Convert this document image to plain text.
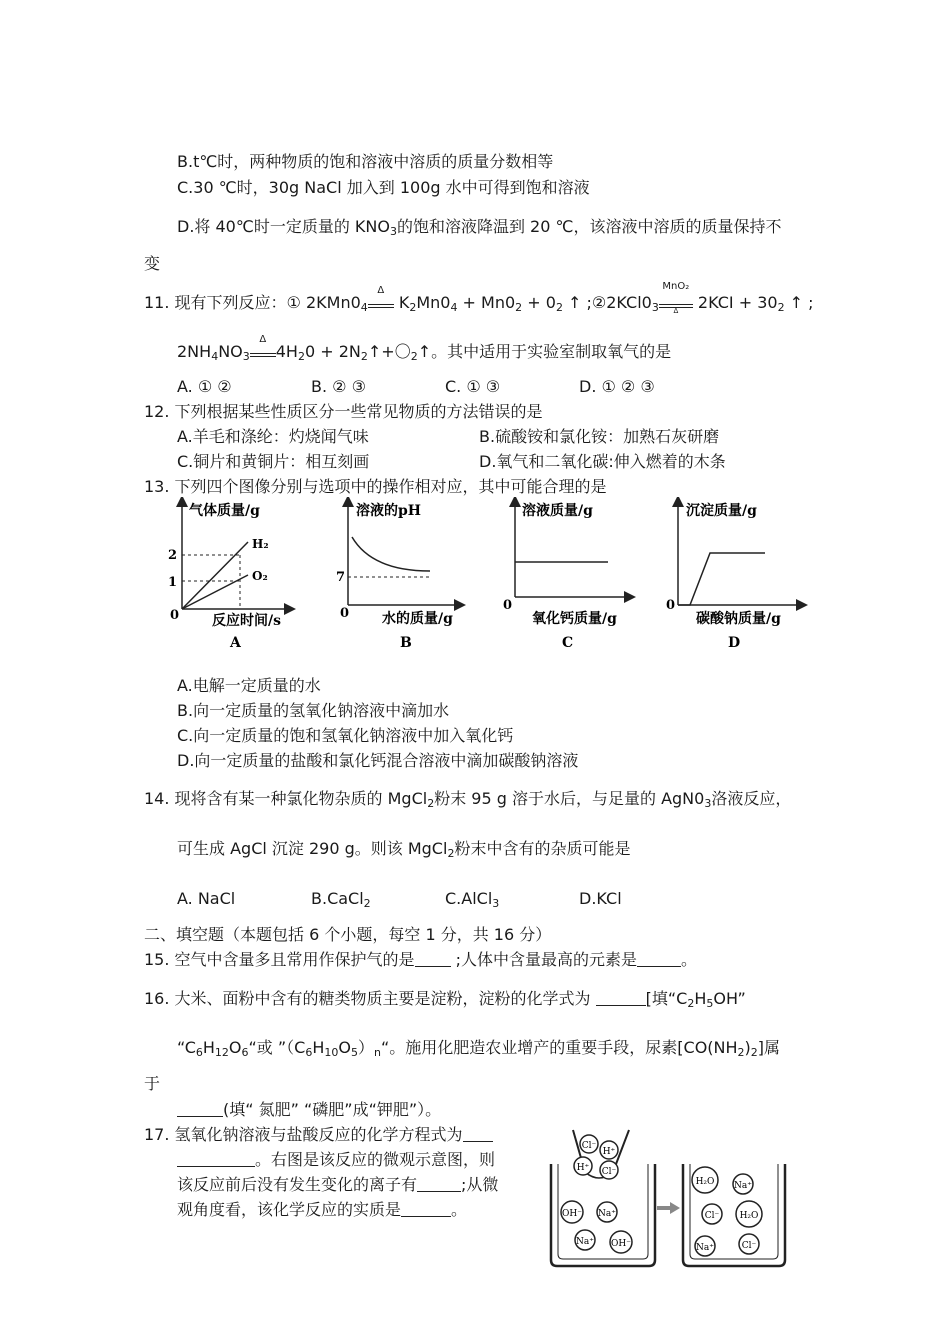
B.t℃时，两种物质的饱和溶液中溶质的质量分数相等
C.30 ℃时，30g NaCl 加入到 100g 水中可得到饱和溶液
D.将 40℃时一定质量的 $KNO_3$的饱和溶液降温到 20 ℃，该溶液中溶质的质量保持不
变
11. 现有下列反应：① $2KMn0_4$
Δ
$K_2Mn0_4 + Mn0_2 + 0_2$ ↑ $;②2KCl0_3$
MnO₂
Δ $2KCI + 30_2$ ↑ ;
$2NH_4NO_3$
Δ
$4H_20$ + $2N_2↑+$〇$_2$↑。其中适用于实验室制取氧气的是
A. ① ②	B. ② ③	C. ① ③	D. ① ② ③
12. 下列根据某些性质区分一些常见物质的方法错误的是
A.羊毛和涤纶：灼烧闻气味	B.硫酸铵和氯化铵：加熟石灰研磨
C.铜片和黄铜片：相互刻画	D.氧气和二氧化碳:伸入燃着的木条
13. 下列四个图像分别与选项中的操作相对应，其中可能合理的是
气体质量/g
反应时间/s
A
2
1
0
H₂
O₂
溶液的pH
水的质量/g
B
7
0
溶液质量/g
氧化钙质量/g
C
0
沉淀质量/g
碳酸钠质量/g
D
0
A.电解一定质量的水
B.向一定质量的氢氧化钠溶液中滴加水
C.向一定质量的饱和氢氧化钠溶液中加入氧化钙
D.向一定质量的盐酸和氯化钙混合溶液中滴加碳酸钠溶液
14. 现将含有某一种氯化物杂质的 MgCl$_2$粉末 95 g 溶于水后，与足量的 $AgN0_3$洛液反应，
可生成 AgCl 沉淀 290 g。则该 MgCl$_2$粉末中含有的杂质可能是
A. NaCl	B.CaCl$_2$	C.AlCl$_3$	D.KCl
二、填空题（本题包括 6 个小题，每空 1 分，共 16 分）
15. 空气中含量多且常用作保护气的是 ;人体中含量最高的元素是	。
16. 大米、面粉中含有的糖类物质主要是淀粉，淀粉的化学式为	[填“$C_2H_5OH$”
“$C_6H_{12}O_6“$或 $”(C_6H_{10}O_5)_n“$。施用化肥造农业增产的重要手段，尿素$[CO(NH_2)_2]$属
于
(填“ 氮肥” “磷肥”成“钾肥”）。
17. 氢氧化钠溶液与盐酸反应的化学方程式为
。右图是该反应的微观示意图，则
该反应前后没有发生变化的离子有	;从微
观角度看，该化学反应的实质是	。
Cl⁻
H⁺ Cl⁻
H⁺
OH⁻ Na⁺
Na⁺ OH⁻
H₂O Na⁺
Cl⁻ H₂O
Na⁺	Cl⁻
